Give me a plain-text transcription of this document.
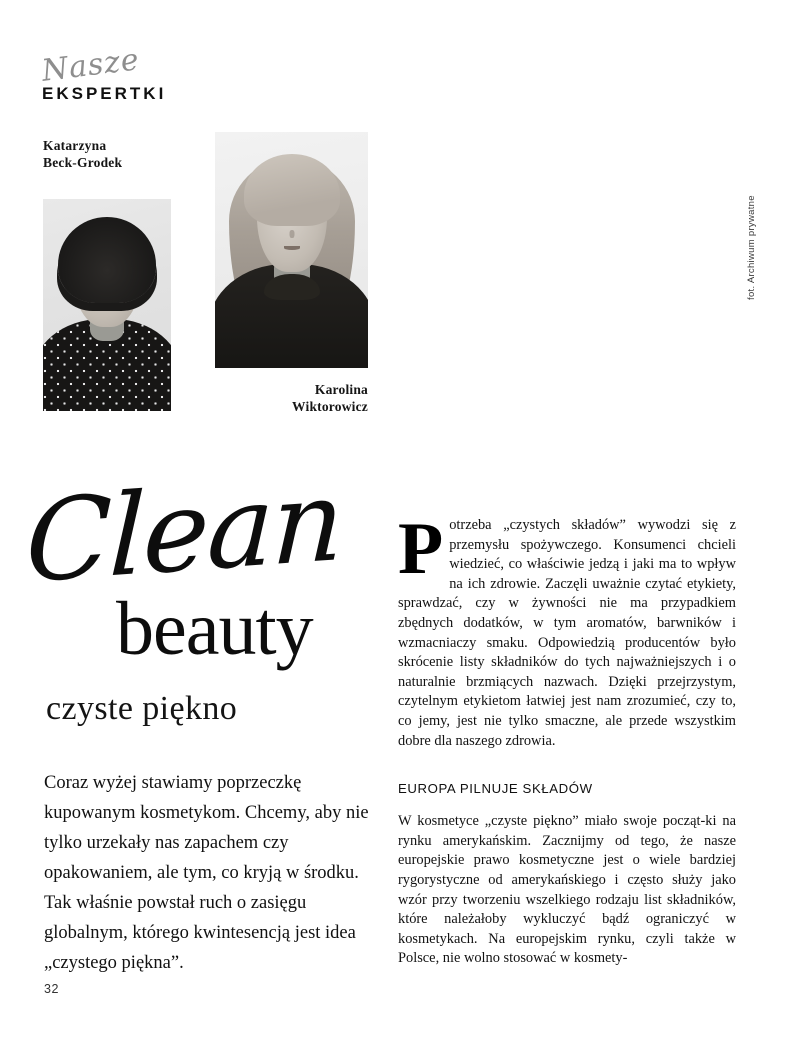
Nasze
EKSPERTKI
Katarzyna
Beck-Grodek
Karolina
Wiktorowicz
fot. Archiwum prywatne
Clean
beauty
czyste piękno
Coraz wyżej stawiamy poprzeczkę kupowanym kosmetykom. Chcemy, aby nie tylko urzekały nas zapachem czy opakowaniem, ale tym, co kryją w środku. Tak właśnie powstał ruch o zasięgu globalnym, którego kwintesencją jest idea „czystego piękna”.

Potrzeba „czystych składów” wywodzi się z przemysłu spożywczego. Konsumenci chcieli wiedzieć, co właściwie jedzą i jaki ma to wpływ na ich zdrowie. Zaczęli uważnie czytać etykiety, sprawdzać, czy w żywności nie ma przypadkiem zbędnych dodatków, w tym aromatów, barwników i wzmacniaczy smaku. Odpowiedzią producentów było skrócenie listy składników do tych najważniejszych i o naturalnie brzmiących nazwach. Dzięki przejrzystym, czytelnym etykietom łatwiej jest nam zrozumieć, czy to, co jemy, jest nie tylko smaczne, ale przede wszystkim dobre dla naszego zdrowia.

EUROPA PILNUJE SKŁADÓW

W kosmetyce „czyste piękno” miało swoje począt-ki na rynku amerykańskim. Zacznijmy od tego, że nasze europejskie prawo kosmetyczne jest o wiele bardziej rygorystyczne od amerykańskiego i często służy jako wzór przy tworzeniu wszelkiego rodzaju list składników, które należałoby wykluczyć bądź ograniczyć w kosmetykach. Na europejskim rynku, czyli także w Polsce, nie wolno stosować w kosmety-

32
